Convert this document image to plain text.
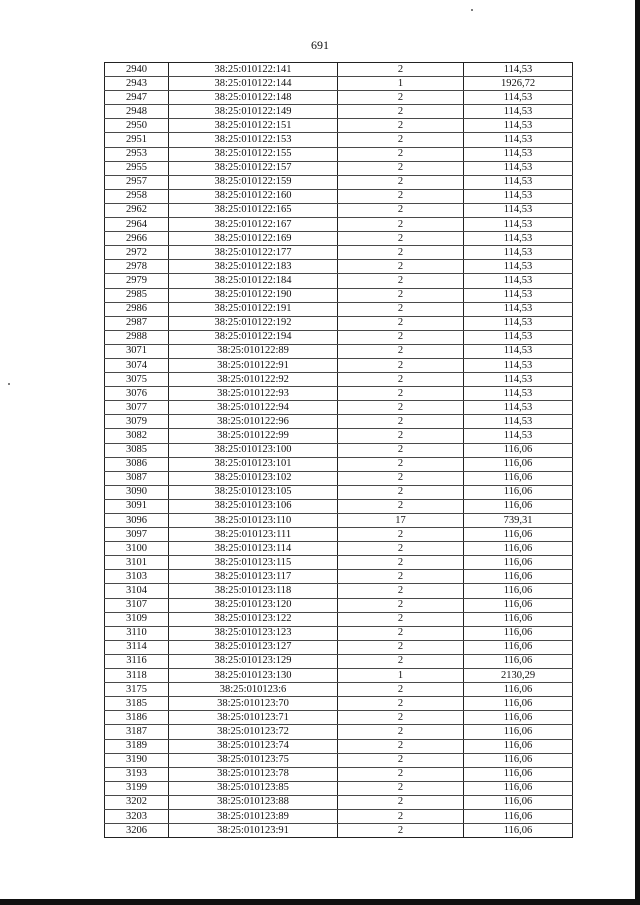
691
2940	38:25:010122:141	2	114,53
2943	38:25:010122:144	1	1926,72
2947	38:25:010122:148	2	114,53
2948	38:25:010122:149	2	114,53
2950	38:25:010122:151	2	114,53
2951	38:25:010122:153	2	114,53
2953	38:25:010122:155	2	114,53
2955	38:25:010122:157	2	114,53
2957	38:25:010122:159	2	114,53
2958	38:25:010122:160	2	114,53
2962	38:25:010122:165	2	114,53
2964	38:25:010122:167	2	114,53
2966	38:25:010122:169	2	114,53
2972	38:25:010122:177	2	114,53
2978	38:25:010122:183	2	114,53
2979	38:25:010122:184	2	114,53
2985	38:25:010122:190	2	114,53
2986	38:25:010122:191	2	114,53
2987	38:25:010122:192	2	114,53
2988	38:25:010122:194	2	114,53
3071	38:25:010122:89	2	114,53
3074	38:25:010122:91	2	114,53
3075	38:25:010122:92	2	114,53
3076	38:25:010122:93	2	114,53
3077	38:25:010122:94	2	114,53
3079	38:25:010122:96	2	114,53
3082	38:25:010122:99	2	114,53
3085	38:25:010123:100	2	116,06
3086	38:25:010123:101	2	116,06
3087	38:25:010123:102	2	116,06
3090	38:25:010123:105	2	116,06
3091	38:25:010123:106	2	116,06
3096	38:25:010123:110	17	739,31
3097	38:25:010123:111	2	116,06
3100	38:25:010123:114	2	116,06
3101	38:25:010123:115	2	116,06
3103	38:25:010123:117	2	116,06
3104	38:25:010123:118	2	116,06
3107	38:25:010123:120	2	116,06
3109	38:25:010123:122	2	116,06
3110	38:25:010123:123	2	116,06
3114	38:25:010123:127	2	116,06
3116	38:25:010123:129	2	116,06
3118	38:25:010123:130	1	2130,29
3175	38:25:010123:6	2	116,06
3185	38:25:010123:70	2	116,06
3186	38:25:010123:71	2	116,06
3187	38:25:010123:72	2	116,06
3189	38:25:010123:74	2	116,06
3190	38:25:010123:75	2	116,06
3193	38:25:010123:78	2	116,06
3199	38:25:010123:85	2	116,06
3202	38:25:010123:88	2	116,06
3203	38:25:010123:89	2	116,06
3206	38:25:010123:91	2	116,06
